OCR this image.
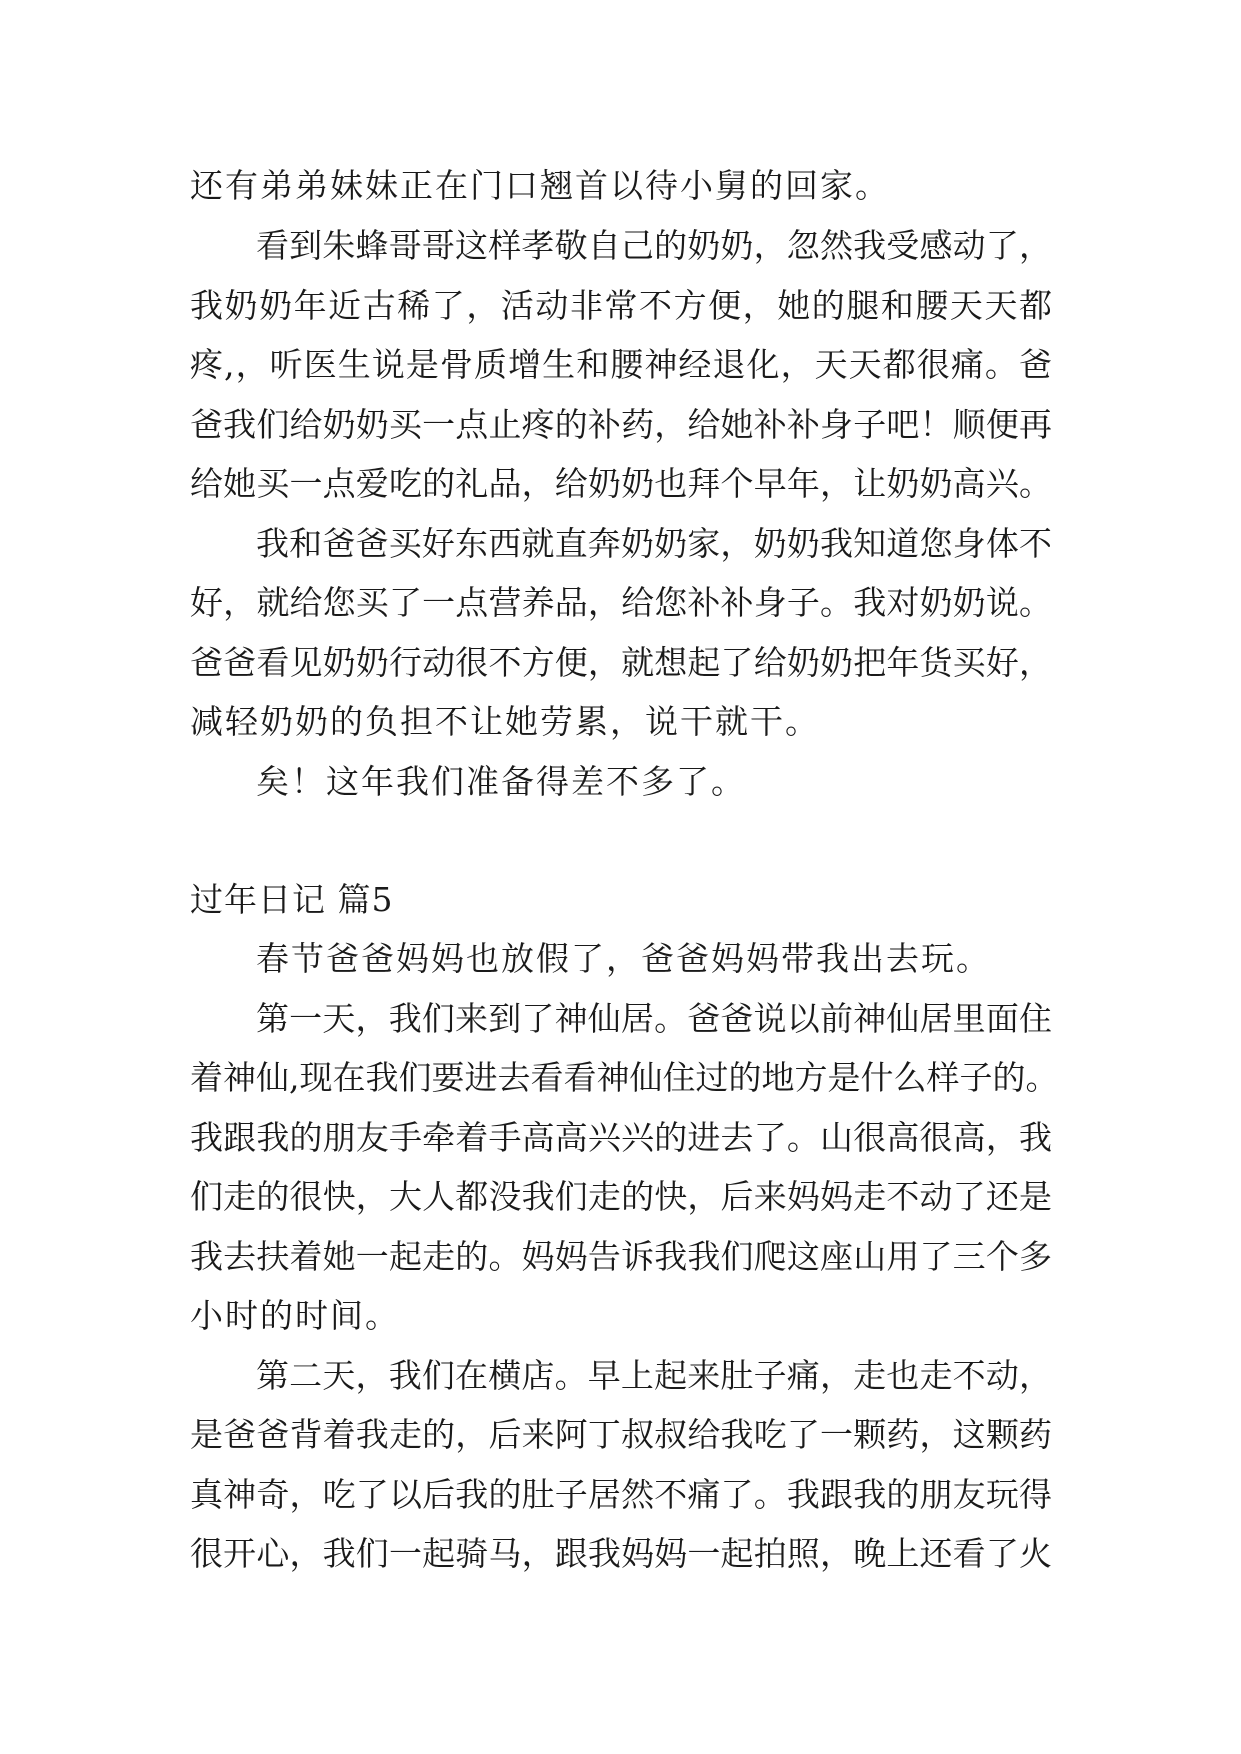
还有弟弟妹妹正在门口翘首以待小舅的回家。

看到朱蜂哥哥这样孝敬自己的奶奶，忽然我受感动了，

我奶奶年近古稀了，活动非常不方便，她的腿和腰天天都

疼,，听医生说是骨质增生和腰神经退化，天天都很痛。爸

爸我们给奶奶买一点止疼的补药，给她补补身子吧！顺便再

给她买一点爱吃的礼品，给奶奶也拜个早年，让奶奶高兴。

我和爸爸买好东西就直奔奶奶家，奶奶我知道您身体不

好，就给您买了一点营养品，给您补补身子。我对奶奶说。

爸爸看见奶奶行动很不方便，就想起了给奶奶把年货买好，

减轻奶奶的负担不让她劳累，说干就干。

矣！这年我们准备得差不多了。

过年日记 篇5

春节爸爸妈妈也放假了，爸爸妈妈带我出去玩。

第一天，我们来到了神仙居。爸爸说以前神仙居里面住

着神仙,现在我们要进去看看神仙住过的地方是什么样子的。

我跟我的朋友手牵着手高高兴兴的进去了。山很高很高，我

们走的很快，大人都没我们走的快，后来妈妈走不动了还是

我去扶着她一起走的。妈妈告诉我我们爬这座山用了三个多

小时的时间。

第二天，我们在横店。早上起来肚子痛，走也走不动，

是爸爸背着我走的，后来阿丁叔叔给我吃了一颗药，这颗药

真神奇，吃了以后我的肚子居然不痛了。我跟我的朋友玩得

很开心，我们一起骑马，跟我妈妈一起拍照，晚上还看了火
